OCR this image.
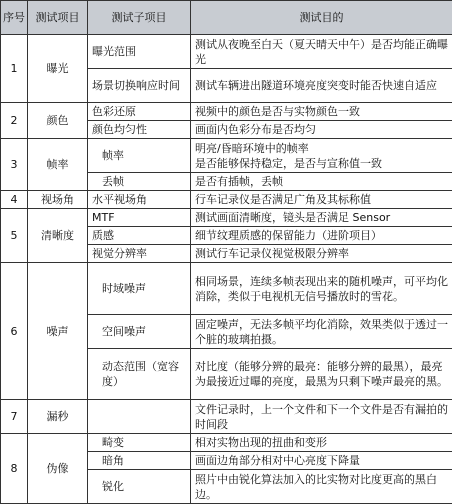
序号	测试项目	测试子项目	测试目的
1	曝光	曝光范围	测试从夜晚至白天（夏天晴天中午）是否均能正确曝光
		场景切换响应时间	测试车辆进出隧道环境亮度突变时能否快速自适应
2	颜色	色彩还原	视频中的颜色是否与实物颜色一致
		颜色均匀性	画面内色彩分布是否均匀
3	帧率	帧率	明亮/昏暗环境中的帧率
是否能够保持稳定，是否与宣称值一致
		丢帧	是否有插帧，丢帧
4	视场角	水平视场角	行车记录仪是否满足广角及其标称值
5	清晰度	MTF	测试画面清晰度，镜头是否满足 Sensor
		质感	细节纹理质感的保留能力（进阶项目）
		视觉分辨率	测试行车记录仪视觉极限分辨率
6	噪声	时域噪声	相同场景，连续多帧表现出来的随机噪声，可平均化消除，类似于电视机无信号播放时的雪花。
		空间噪声	固定噪声，无法多帧平均化消除，效果类似于透过一个脏的玻璃拍摄。
		动态范围（宽容度）	对比度（能够分辨的最亮：能够分辨的最黑），最亮为最接近过曝的亮度，最黑为只剩下噪声最亮的黑。
7	漏秒		文件记录时，上一个文件和下一个文件是否有漏拍的时间段
8	伪像	畸变	相对实物出现的扭曲和变形
		暗角	画面边角部分相对中心亮度下降量
		锐化	照片中由锐化算法加入的比实物对比度更高的黑白边。
